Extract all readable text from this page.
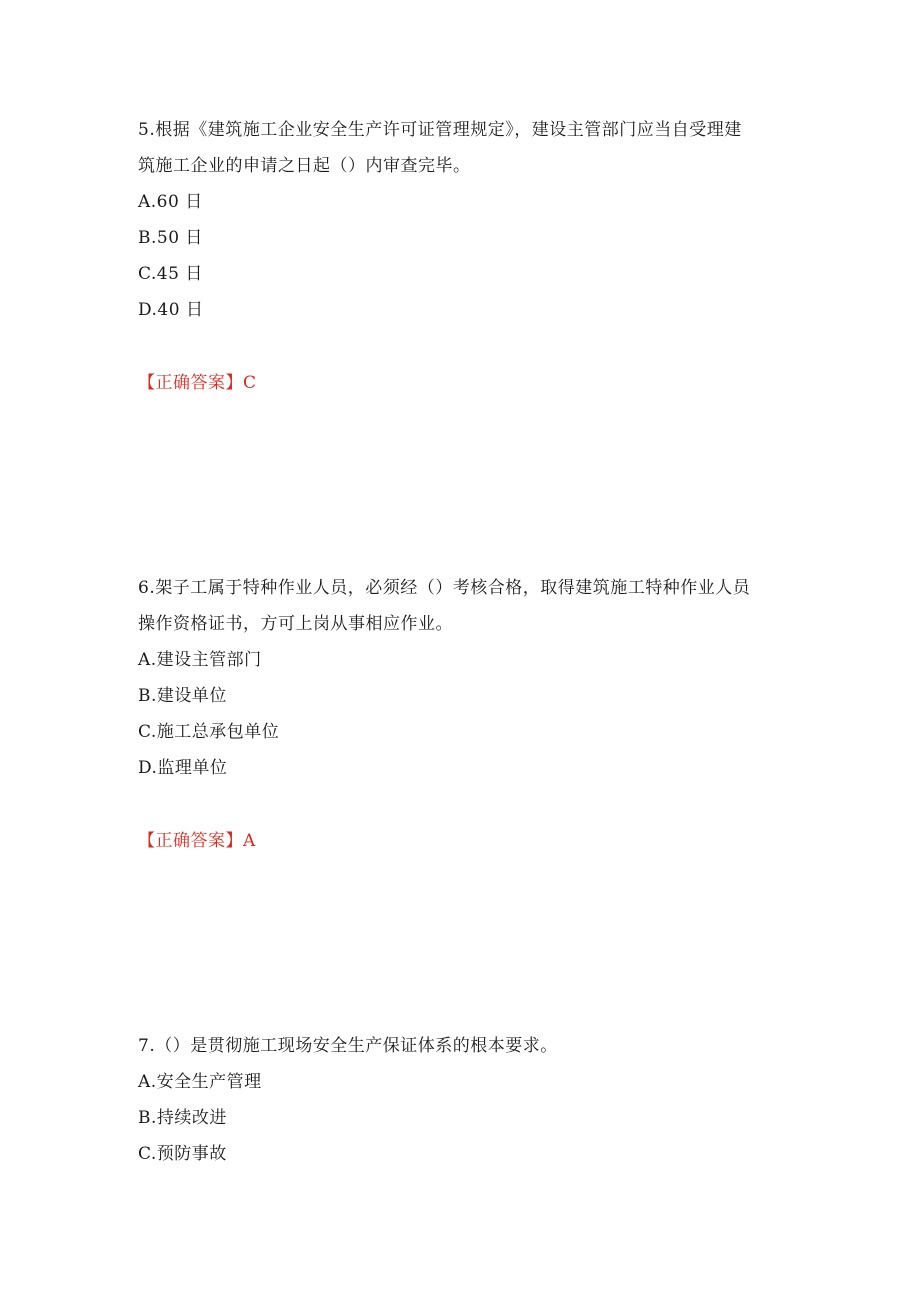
5.根据《建筑施工企业安全生产许可证管理规定》，建设主管部门应当自受理建
筑施工企业的申请之日起（）内审查完毕。
A.60 日
B.50 日
C.45 日
D.40 日
【正确答案】C
6.架子工属于特种作业人员，必须经（）考核合格，取得建筑施工特种作业人员
操作资格证书，方可上岗从事相应作业。
A.建设主管部门
B.建设单位
C.施工总承包单位
D.监理单位
【正确答案】A
7.（）是贯彻施工现场安全生产保证体系的根本要求。
A.安全生产管理
B.持续改进
C.预防事故
